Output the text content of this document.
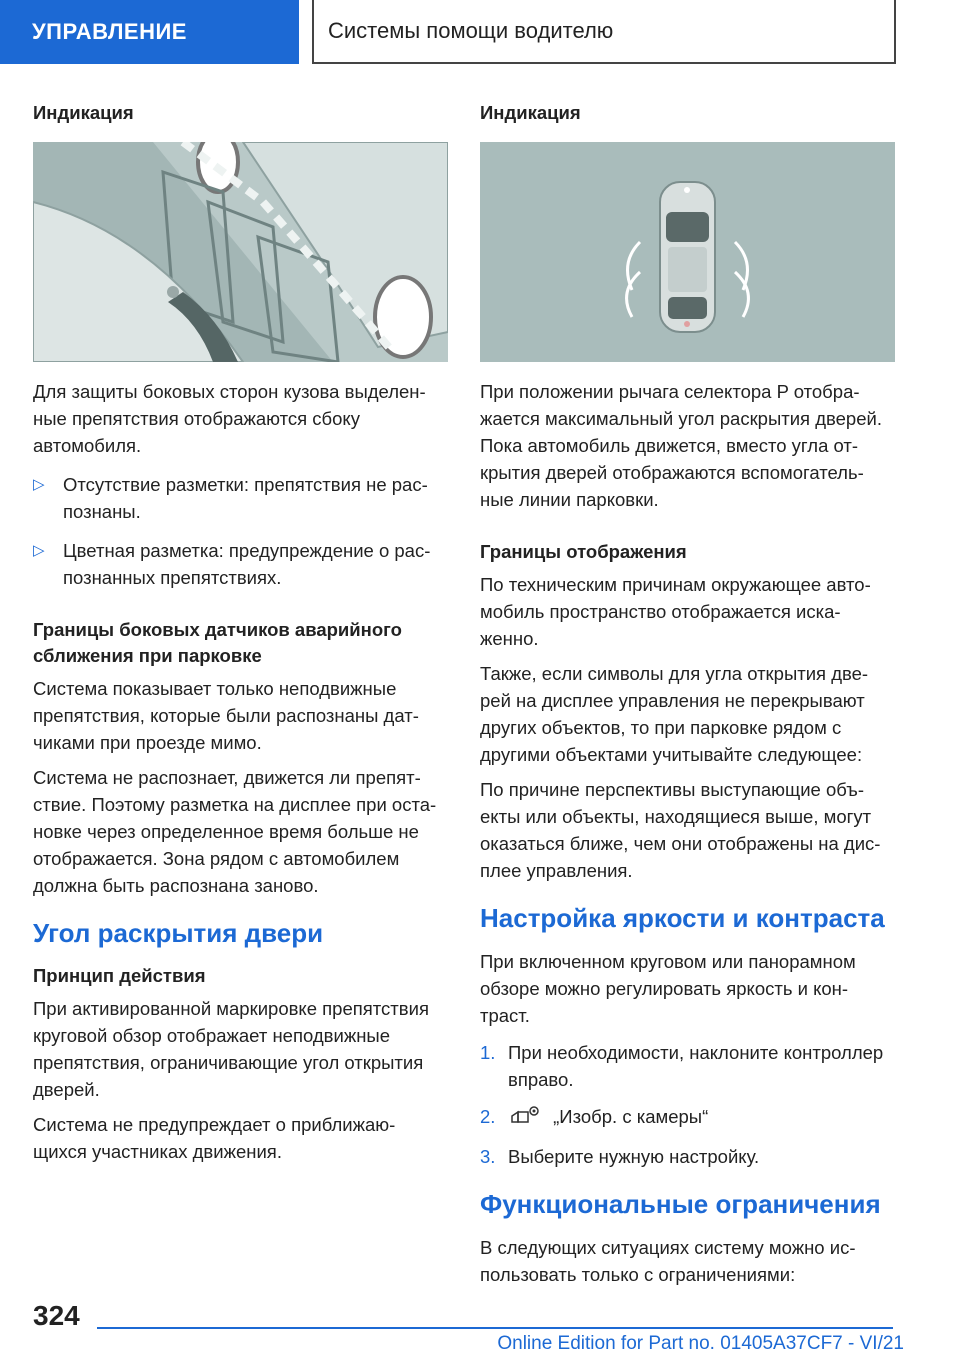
УПРАВЛЕНИЕ	Системы помощи водителю
Индикация

Для защиты боковых сторон кузова выделен-ные препятствия отображаются сбоку автомобиля.

▷ Отсутствие разметки: препятствия не рас-познаны.
▷ Цветная разметка: предупреждение о рас-познанных препятствиях.
Границы боковых датчиков аварийного сближения при парковке

Система показывает только неподвижные препятствия, которые были распознаны дат-чиками при проезде мимо.

Система не распознает, движется ли препят-ствие. Поэтому разметка на дисплее при оста-новке через определенное время больше не отображается. Зона рядом с автомобилем должна быть распознана заново.

Угол раскрытия двери
Принцип действия

При активированной маркировке препятствия круговой обзор отображает неподвижные препятствия, ограничивающие угол открытия дверей.

Система не предупреждает о приближаю-щихся участниках движения.

Индикация

При положении рычага селектора P отобра-жается максимальный угол раскрытия дверей. Пока автомобиль движется, вместо угла от-крытия дверей отображаются вспомогатель-ные линии парковки.

Границы отображения

По техническим причинам окружающее авто-мобиль пространство отображается иска-женно.

Также, если символы для угла открытия две-рей на дисплее управления не перекрывают других объектов, то при парковке рядом с другими объектами учитывайте следующее:

По причине перспективы выступающие объ-екты или объекты, находящиеся выше, могут оказаться ближе, чем они отображены на дис-плее управления.

Настройка яркости и контраста

При включенном круговом или панорамном обзоре можно регулировать яркость и кон-траст.

1. При необходимости, наклоните контроллер вправо.
2.	„Изобр. с камеры“
3. Выберите нужную настройку.
Функциональные ограничения

В следующих ситуациях систему можно ис-пользовать только с ограничениями:

324
Online Edition for Part no. 01405A37CF7 - VI/21
